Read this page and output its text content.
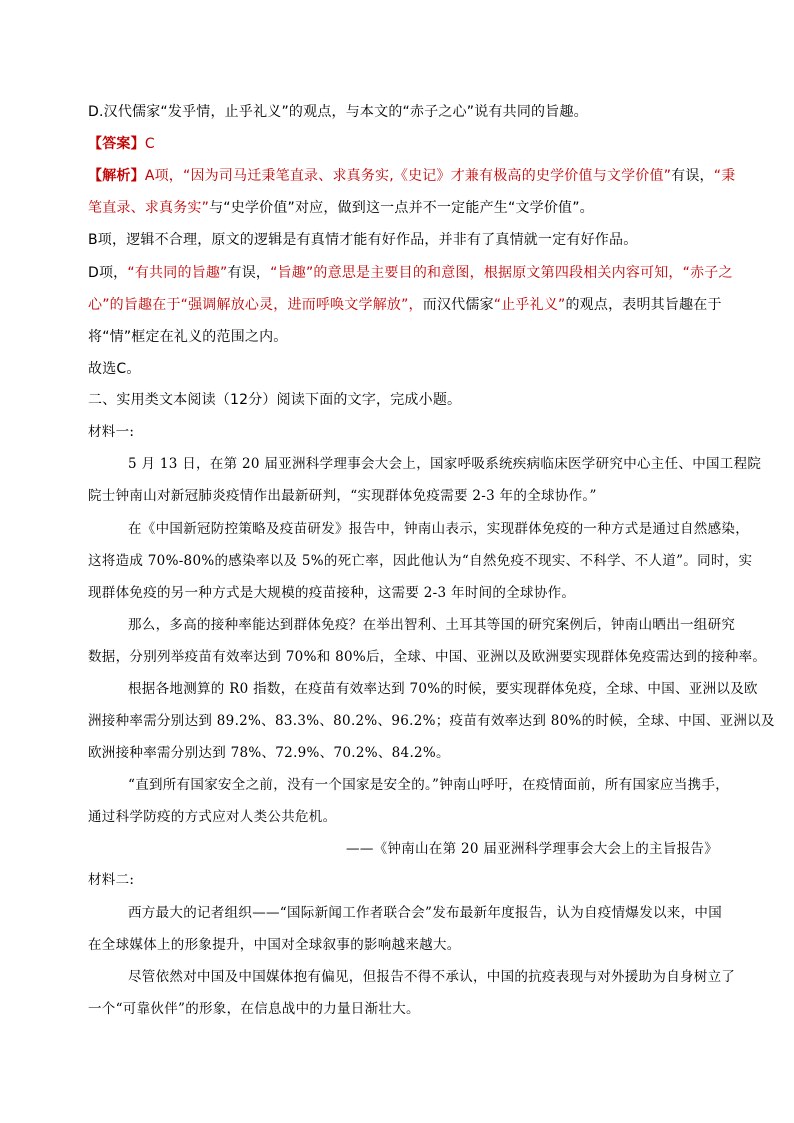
D.汉代儒家“发乎情，止乎礼义”的观点，与本文的“赤子之心”说有共同的旨趣。
【答案】C
【解析】A项，“因为司马迁秉笔直录、求真务实,《史记》才兼有极高的史学价值与文学价值”有误，“秉
笔直录、求真务实”与“史学价值”对应，做到这一点并不一定能产生“文学价值”。
B项，逻辑不合理，原文的逻辑是有真情才能有好作品，并非有了真情就一定有好作品。
D项，“有共同的旨趣”有误，“旨趣”的意思是主要目的和意图，根据原文第四段相关内容可知，“赤子之
心”的旨趣在于“强调解放心灵，进而呼唤文学解放”，而汉代儒家“止乎礼义”的观点，表明其旨趣在于
将“情”框定在礼义的范围之内。
故选C。
二、实用类文本阅读（12分）阅读下面的文字，完成小题。
材料一:
5 月 13 日，在第 20 届亚洲科学理事会大会上，国家呼吸系统疾病临床医学研究中心主任、中国工程院
院士钟南山对新冠肺炎疫情作出最新研判，“实现群体免疫需要 2-3 年的全球协作。”
在《中国新冠防控策略及疫苗研发》报告中，钟南山表示，实现群体免疫的一种方式是通过自然感染，
这将造成 70%-80%的感染率以及 5%的死亡率，因此他认为“自然免疫不现实、不科学、不人道”。同时，实
现群体免疫的另一种方式是大规模的疫苗接种，这需要 2-3 年时间的全球协作。
那么，多高的接种率能达到群体免疫？在举出智利、土耳其等国的研究案例后，钟南山晒出一组研究
数据，分别列举疫苗有效率达到 70%和 80%后，全球、中国、亚洲以及欧洲要实现群体免疫需达到的接种率。
根据各地测算的 R0 指数，在疫苗有效率达到 70%的时候，要实现群体免疫，全球、中国、亚洲以及欧
洲接种率需分别达到 89.2%、83.3%、80.2%、96.2%；疫苗有效率达到 80%的时候，全球、中国、亚洲以及
欧洲接种率需分别达到 78%、72.9%、70.2%、84.2%。
“直到所有国家安全之前，没有一个国家是安全的。”钟南山呼吁，在疫情面前，所有国家应当携手，
通过科学防疫的方式应对人类公共危机。
——《钟南山在第 20 届亚洲科学理事会大会上的主旨报告》
材料二:
西方最大的记者组织——“国际新闻工作者联合会”发布最新年度报告，认为自疫情爆发以来，中国
在全球媒体上的形象提升，中国对全球叙事的影响越来越大。
尽管依然对中国及中国媒体抱有偏见，但报告不得不承认，中国的抗疫表现与对外援助为自身树立了
一个“可靠伙伴”的形象，在信息战中的力量日渐壮大。
